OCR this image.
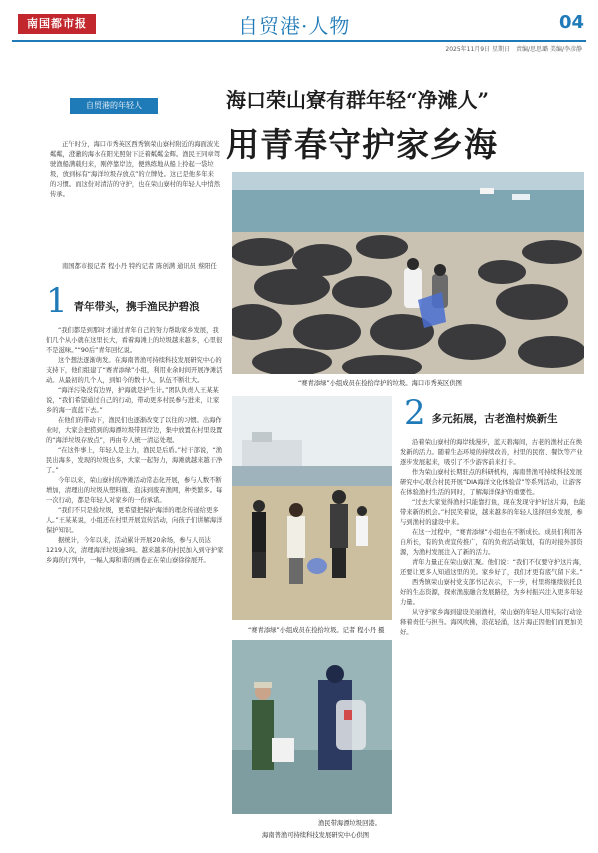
南国都市报	自贸港·人物	04
2025年11月9日 星期日　责编/思思璐 美编/李彦静
海口荣山寮有群年轻“净滩人”
用青春守护家乡海
自贸港的年轻人
正午时分，海口市秀英区西秀镇荣山寮村附近的海面波光粼粼，澄澈的海水在阳光照射下泛着粼粼金辉。渔民王同章驾驶渔船满载归来，刚停靠岸边，便熟练地从船上拎起一袋垃圾，放到标有“海洋垃圾存放点”的立牌处。这已是他多年来的习惯。而这份对清洁的守护，也在荣山寮村的年轻人中悄然传承。
南国都市报记者 程小丹 特约记者 陈创满 通讯员 蔡阳任
“赛青添绿”小组成员在捡拾岸护的垃圾。海口市秀英区供图
1 青年带头，携手渔民护碧浪

“我们都是到那时才通过青年自己的努力帮助家乡发展，我们几个从小就在这里长大，看着海滩上的垃圾越来越多，心里很不是滋味。”“90后”青年回忆说。

这个想法逐渐萌发。在海南普渔可持续科技发展研究中心的支持下，他们组建了“赛青添绿”小组，利用业余时间开展净滩活动。从最初的几个人，到如今的数十人，队伍不断壮大。

“海洋污染没有边界，护海就是护生计。”团队负责人王某某说，“我们希望通过自己的行动，带动更多村民参与进来，让家乡的海一直蓝下去。”

在他们的带动下，渔民们也逐渐改变了以往的习惯。出海作业时，大家会把捞到的海漂垃圾带回岸边，集中放置在村里设置的“海洋垃圾存放点”，再由专人统一清运处理。

“在这件事上，年轻人是主力，渔民是后盾。”村干部说，“渔民出海多，发现的垃圾也多，大家一起努力，海滩就越来越干净了。”

今年以来，荣山寮村的净滩活动常态化开展，参与人数不断增加，清理出的垃圾从塑料瓶、泡沫到废弃渔网，种类繁多。每一次行动，都是年轻人对家乡的一份承诺。

“我们不只是捡垃圾，更希望把保护海洋的理念传递给更多人。”王某某说，小组还在村里开展宣传活动，向孩子们讲解海洋保护知识。

据统计，今年以来，活动累计开展20余场，参与人员达1219人次，清理海洋垃圾逾3吨。越来越多的村民加入到守护家乡海的行列中，一幅人海和谐的画卷正在荣山寮徐徐展开。

“赛青添绿”小组成员在捡拾垃圾。记者 程小丹 摄
2 多元拓展，古老渔村焕新生

沿着荣山寮村的海岸线漫步，蓝天碧海间，古老的渔村正在焕发新的活力。随着生态环境的持续改善，村里的民宿、餐饮等产业逐步发展起来，吸引了不少游客前来打卡。

作为荣山寮村长期驻点的科研机构，海南普渔可持续科技发展研究中心联合村民开展“DIA海洋文化体验营”等系列活动，让游客在体验渔村生活的同时，了解海洋保护的重要性。

“过去大家觉得渔村只能靠打鱼，现在发现守护好这片海，也能带来新的机会。”村民笑着说，越来越多的年轻人选择回乡发展，参与到渔村的建设中来。

在这一过程中，“赛青添绿”小组也在不断成长。成员们利用各自所长，有的负责宣传推广，有的负责活动策划，有的对接外部资源，为渔村发展注入了新的活力。

青年力量正在荣山寮汇聚。他们说：“我们不仅要守护这片海，还要让更多人知道这里的美。家乡好了，我们才更有底气留下来。”

西秀镇荣山寮村党支部书记表示，下一步，村里将继续依托良好的生态资源，探索渔旅融合发展路径，为乡村振兴注入更多年轻力量。

从守护家乡海到建设美丽渔村，荣山寮的年轻人用实际行动诠释着责任与担当。海风吹拂，浪花轻涌，这片海正因他们而更加美好。

渔民带海漂垃圾回港。
海南普渔可持续科技发展研究中心供图
